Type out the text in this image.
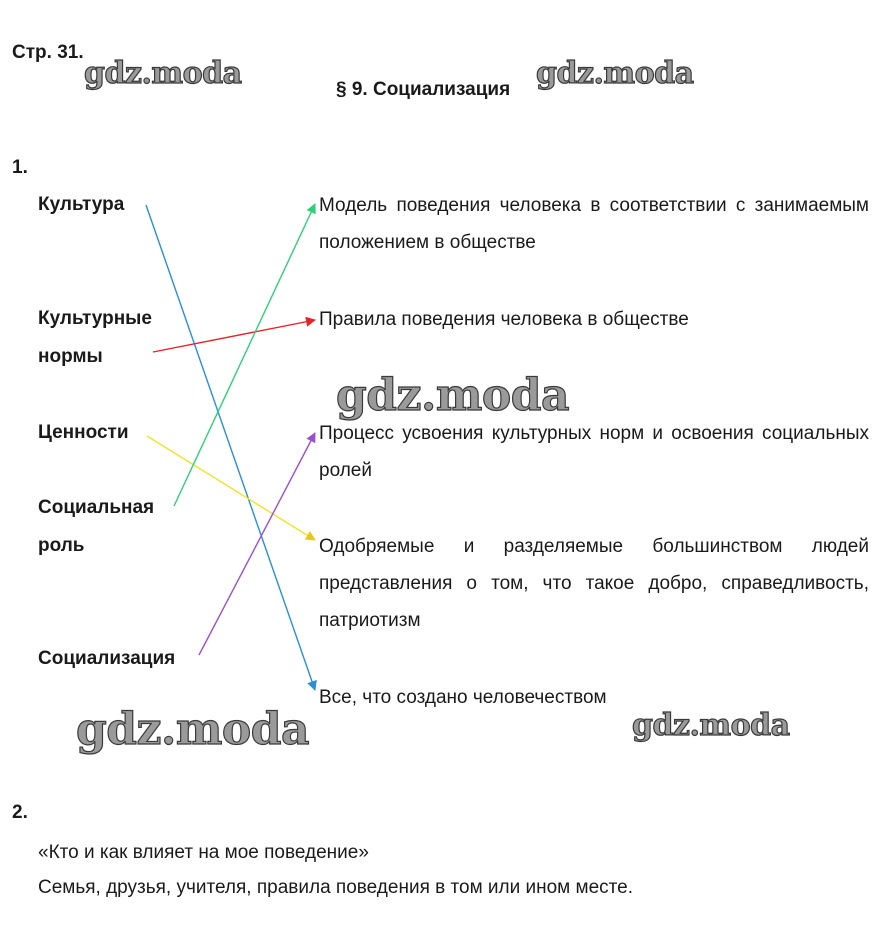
Стр. 31.
§ 9. Социализация
gdz.moda	gdz.moda
gdz.moda
gdz.moda	gdz.moda
1.
Культура
Культурные
нормы
Ценности
Социальная
роль
Социализация
Модель поведения человека в соответствии с занимаемым положением в обществе
Правила поведения человека в обществе
Процесс усвоения культурных норм и освоения социальных ролей
Одобряемые и разделяемые большинством людей представления о том, что такое добро, справедливость, патриотизм
Все, что создано человечеством
2.
«Кто и как влияет на мое поведение»
Семья, друзья, учителя, правила поведения в том или ином месте.
